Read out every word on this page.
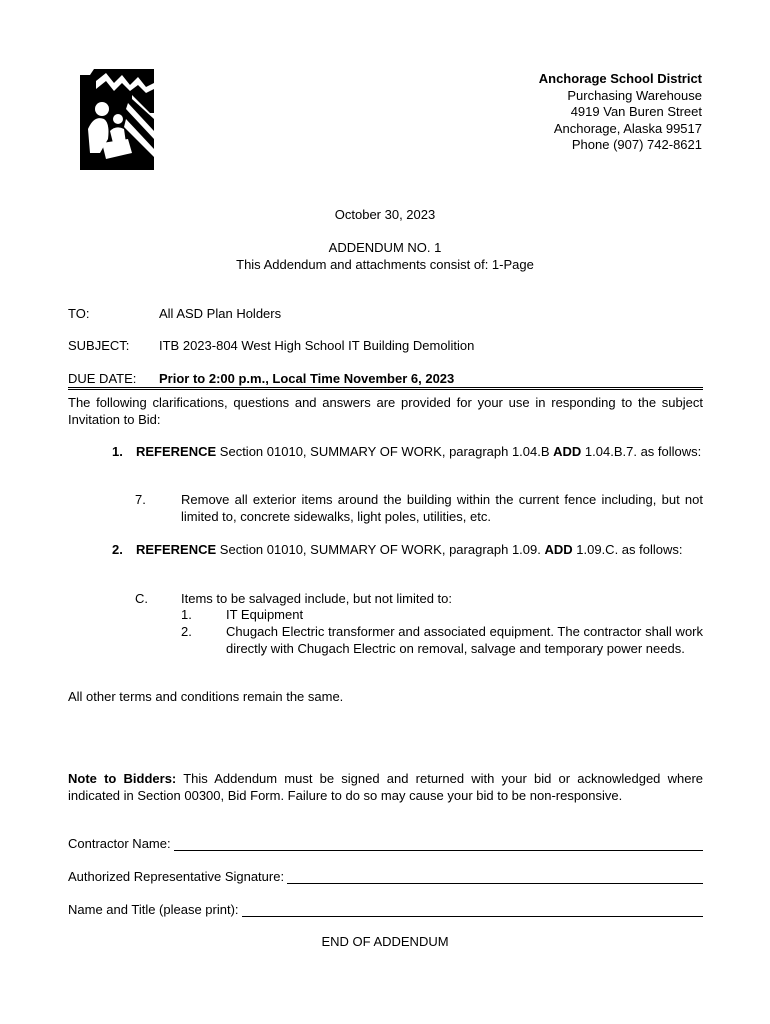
Anchorage School District
Purchasing Warehouse
4919 Van Buren Street
Anchorage, Alaska 99517
Phone (907) 742-8621
October 30, 2023
ADDENDUM NO. 1
This Addendum and attachments consist of: 1-Page
TO:	All ASD Plan Holders
SUBJECT: ITB 2023-804 West High School IT Building Demolition
DUE DATE: Prior to 2:00 p.m., Local Time November 6, 2023
The following clarifications, questions and answers are provided for your use in responding to the subject Invitation to Bid:
1. REFERENCE Section 01010, SUMMARY OF WORK, paragraph 1.04.B ADD 1.04.B.7. as follows:
7.	Remove all exterior items around the building within the current fence including, but not limited to, concrete sidewalks, light poles, utilities, etc.
2. REFERENCE Section 01010, SUMMARY OF WORK, paragraph 1.09. ADD 1.09.C. as follows:
C.	Items to be salvaged include, but not limited to:
1.	IT Equipment
2.	Chugach Electric transformer and associated equipment. The contractor shall work directly with Chugach Electric on removal, salvage and temporary power needs.
All other terms and conditions remain the same.
Note to Bidders: This Addendum must be signed and returned with your bid or acknowledged where indicated in Section 00300, Bid Form. Failure to do so may cause your bid to be non-responsive.
Contractor Name:
Authorized Representative Signature:
Name and Title (please print):
END OF ADDENDUM
